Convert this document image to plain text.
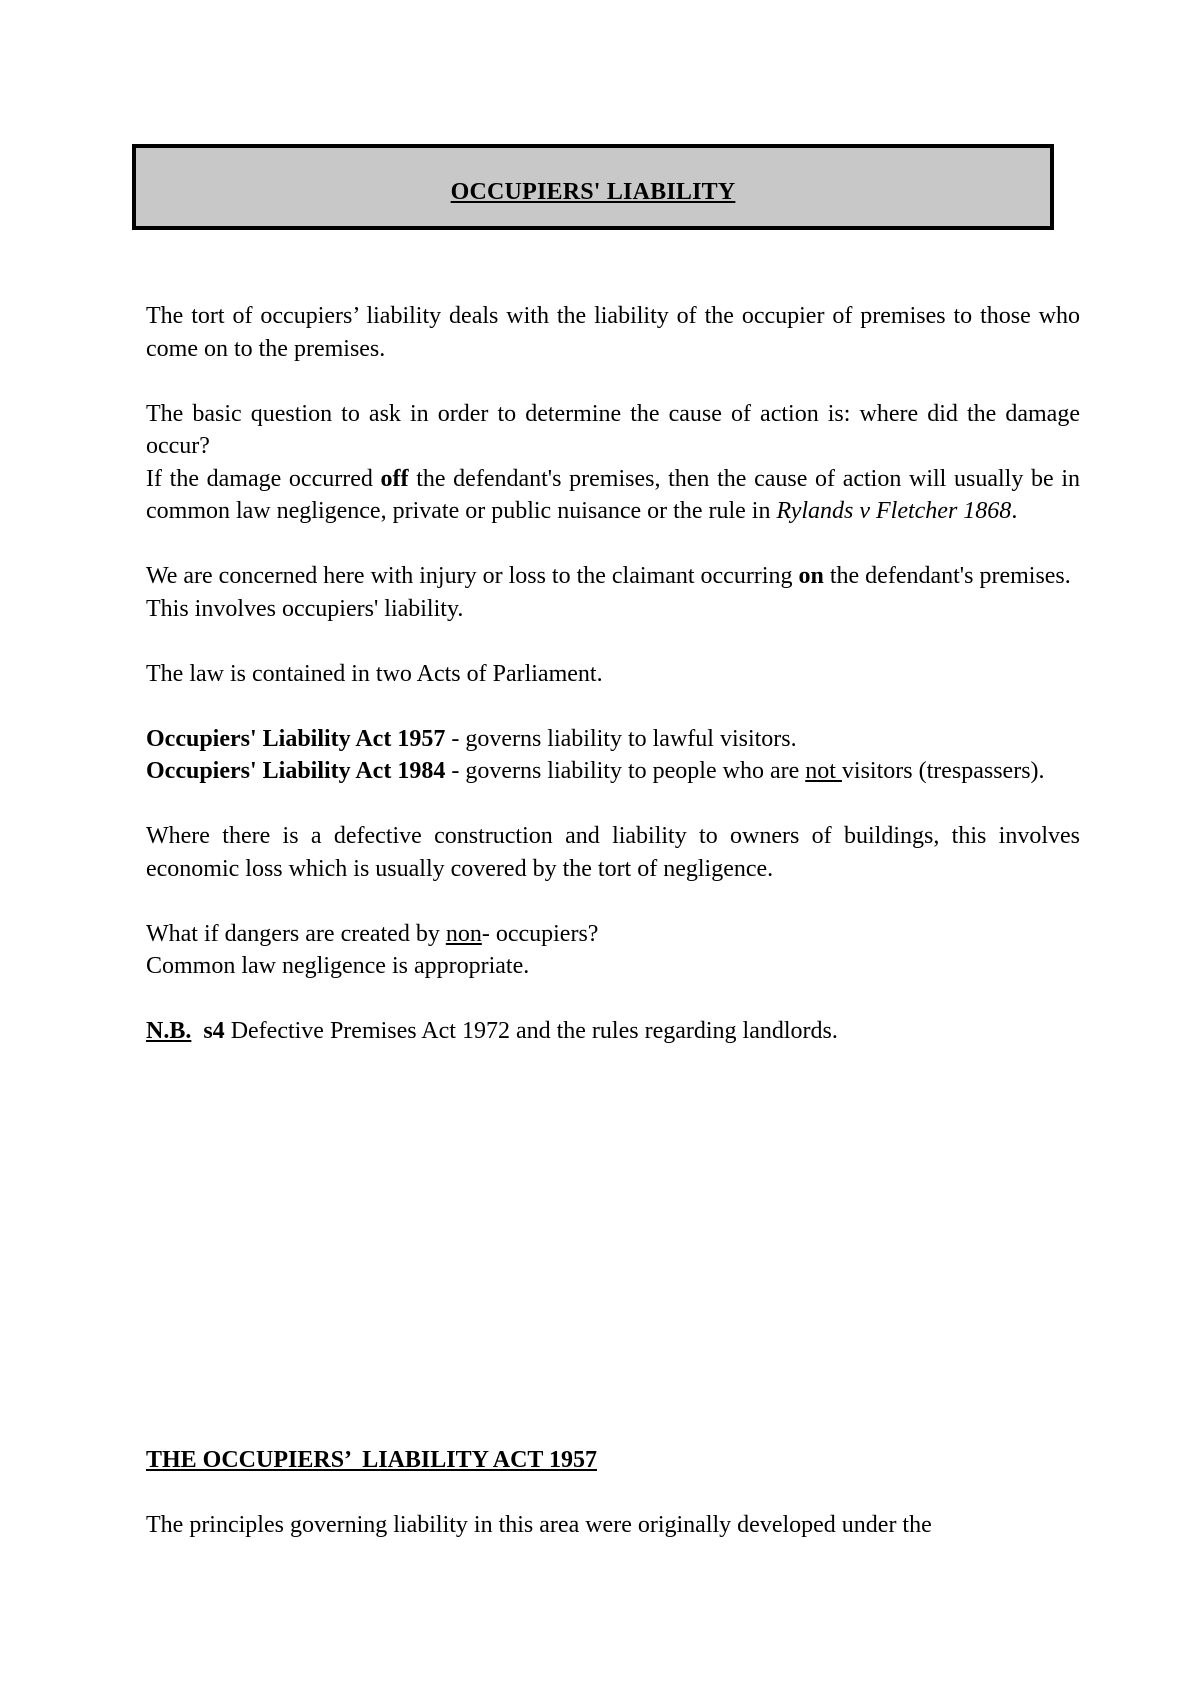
OCCUPIERS' LIABILITY

The tort of occupiers’ liability deals with the liability of the occupier of premises to those who come on to the premises.

The basic question to ask in order to determine the cause of action is: where did the damage occur?

If the damage occurred off the defendant's premises, then the cause of action will usually be in common law negligence, private or public nuisance or the rule in Rylands v Fletcher 1868.

We are concerned here with injury or loss to the claimant occurring on the defendant's premises.

This involves occupiers' liability.

The law is contained in two Acts of Parliament.

Occupiers' Liability Act 1957 - governs liability to lawful visitors.

Occupiers' Liability Act 1984 - governs liability to people who are not visitors (trespassers).

Where there is a defective construction and liability to owners of buildings, this involves economic loss which is usually covered by the tort of negligence.

What if dangers are created by non- occupiers?

Common law negligence is appropriate.

N.B. s4 Defective Premises Act 1972 and the rules regarding landlords.

THE OCCUPIERS’  LIABILITY ACT 1957

The principles governing liability in this area were originally developed under the
